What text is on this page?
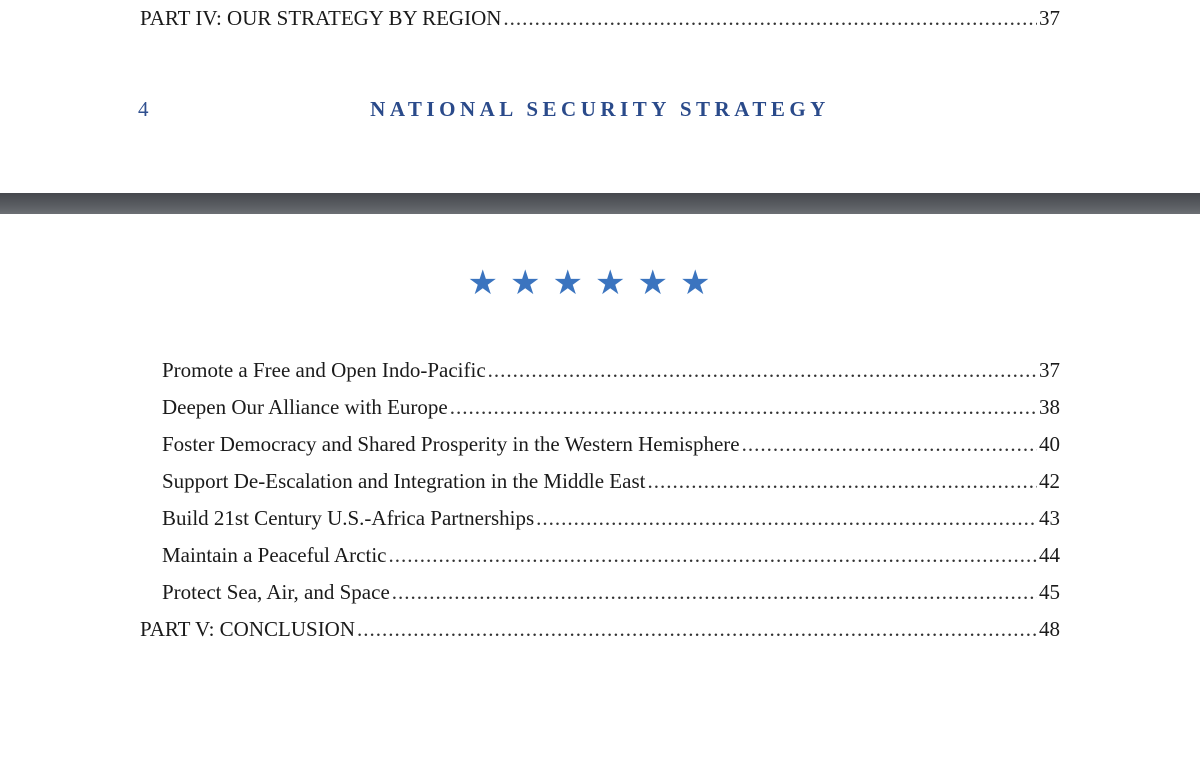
PART IV: OUR STRATEGY BY REGION .....	37
4	NATIONAL SECURITY STRATEGY
★★★★★★
Promote a Free and Open Indo-Pacific .....	37
Deepen Our Alliance with Europe .....	38
Foster Democracy and Shared Prosperity in the Western Hemisphere .....	40
Support De-Escalation and Integration in the Middle East .....	42
Build 21st Century U.S.-Africa Partnerships .....	43
Maintain a Peaceful Arctic .....	44
Protect Sea, Air, and Space .....	45
PART V: CONCLUSION .....	48
